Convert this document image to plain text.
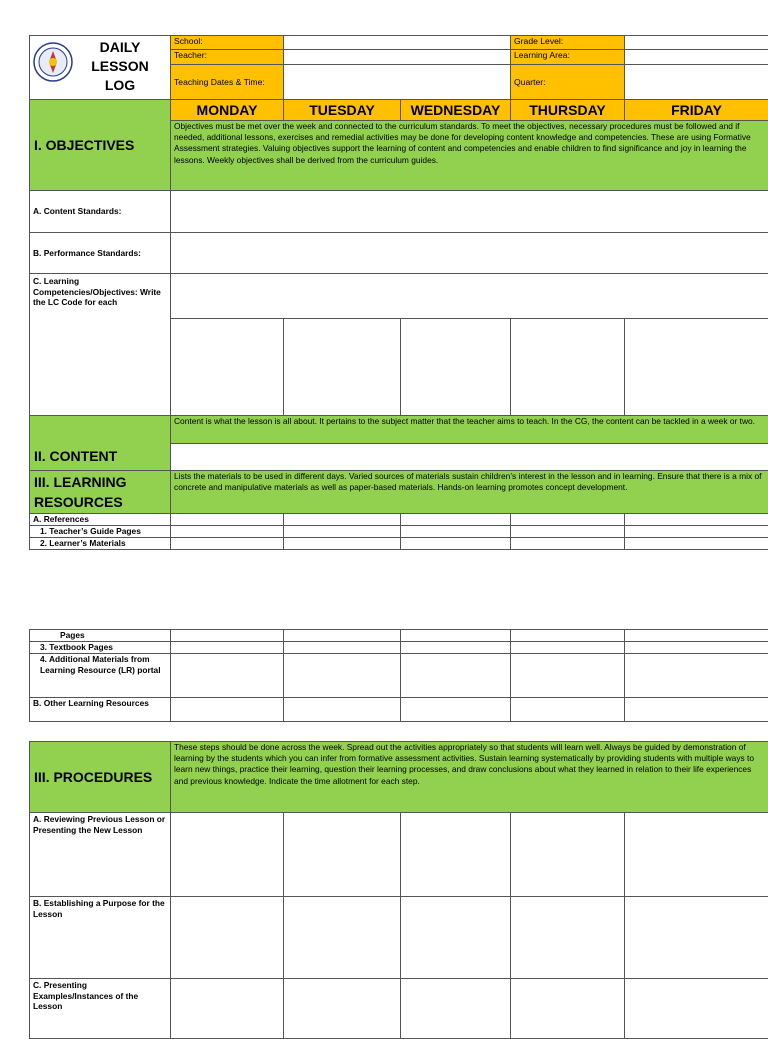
DAILY
LESSON
LOG	School:			Grade Level:	
	Teacher:			Learning Area:	
	Teaching Dates & Time:			Quarter:	
I. OBJECTIVES	MONDAY	TUESDAY	WEDNESDAY	THURSDAY	FRIDAY
	Objectives must be met over the week and connected to the curriculum standards. To meet the objectives, necessary procedures must be followed and if needed, additional lessons, exercises and remedial activities may be done for developing content knowledge and competencies. These are using Formative Assessment strategies. Valuing objectives support the learning of content and competencies and enable children to find significance and joy in learning the lessons. Weekly objectives shall be derived from the curriculum guides.				
A. Content Standards:					
B. Performance Standards:					
C. Learning Competencies/Objectives: Write the LC Code for each					

II. CONTENT	Content is what the lesson is all about. It pertains to the subject matter that the teacher aims to teach. In the CG, the content can be tackled in a week or two.				

III. LEARNING RESOURCES	Lists the materials to be used in different days. Varied sources of materials sustain children’s interest in the lesson and in learning. Ensure that there is a mix of concrete and manipulative materials as well as paper-based materials. Hands-on learning promotes concept development.				
A. References					
1. Teacher’s Guide Pages					
2. Learner’s Materials					
Pages					
3. Textbook Pages					
4. Additional Materials from Learning Resource (LR) portal					
B. Other Learning Resources					
III. PROCEDURES	These steps should be done across the week. Spread out the activities appropriately so that students will learn well. Always be guided by demonstration of learning by the students which you can infer from formative assessment activities. Sustain learning systematically by providing students with multiple ways to learn new things, practice their learning, question their learning processes, and draw conclusions about what they learned in relation to their life experiences and previous knowledge. Indicate the time allotment for each step.				
A. Reviewing Previous Lesson or Presenting the New Lesson					
B. Establishing a Purpose for the Lesson					
C. Presenting Examples/Instances of the Lesson					
